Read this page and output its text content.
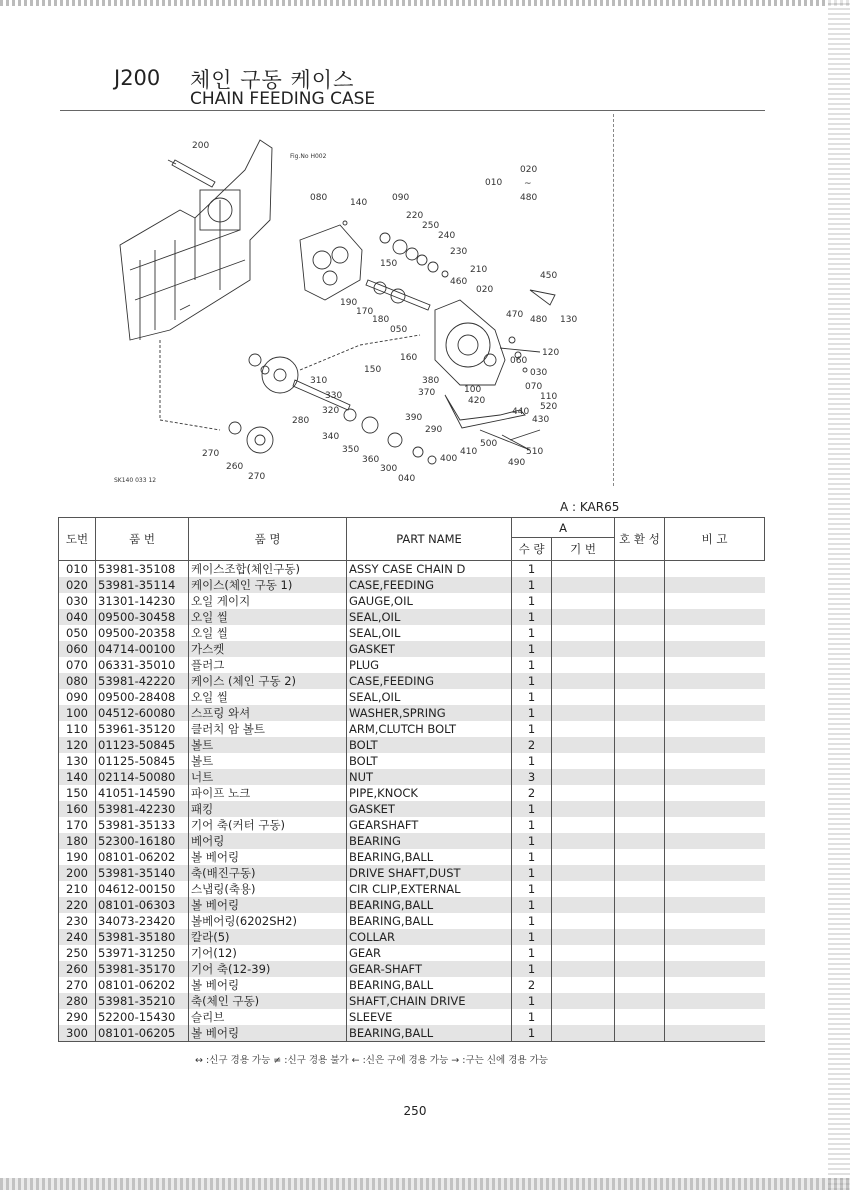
J200 체인 구동 케이스
CHAIN FEEDING CASE
200
Fig.No H002
010
020
~
480
080	140	090
220
250
240
230
210
150
460
020
450
190
170
180
050
470 480 130
120
160	060
030
150
380
370	100	070
110
420
520
440
430
390
290
310
330
320
280
340
350
360
300
040
400
410
500
510
490
270
260
270
SK140 033 12
A : KAR65
도번	품 번	품 명	PART NAME	A		호 환 성	비 고
				수 량	기 번		
010	53981-35108	케이스조합(체인구동)	ASSY CASE CHAIN D	1			
020	53981-35114	케이스(체인 구동 1)	CASE,FEEDING	1			
030	31301-14230	오일 게이지	GAUGE,OIL	1			
040	09500-30458	오일 씰	SEAL,OIL	1			
050	09500-20358	오일 씰	SEAL,OIL	1			
060	04714-00100	가스켓	GASKET	1			
070	06331-35010	플러그	PLUG	1			
080	53981-42220	케이스 (체인 구동 2)	CASE,FEEDING	1			
090	09500-28408	오일 씰	SEAL,OIL	1			
100	04512-60080	스프링 와셔	WASHER,SPRING	1			
110	53961-35120	클러치 암 볼트	ARM,CLUTCH BOLT	1			
120	01123-50845	볼트	BOLT	2			
130	01125-50845	볼트	BOLT	1			
140	02114-50080	너트	NUT	3			
150	41051-14590	파이프 노크	PIPE,KNOCK	2			
160	53981-42230	패킹	GASKET	1			
170	53981-35133	기어 축(커터 구동)	GEARSHAFT	1			
180	52300-16180	베어링	BEARING	1			
190	08101-06202	볼 베어링	BEARING,BALL	1			
200	53981-35140	축(배진구동)	DRIVE SHAFT,DUST	1			
210	04612-00150	스냅링(축용)	CIR CLIP,EXTERNAL	1			
220	08101-06303	볼 베어링	BEARING,BALL	1			
230	34073-23420	볼베어링(6202SH2)	BEARING,BALL	1			
240	53981-35180	칼라(5)	COLLAR	1			
250	53971-31250	기어(12)	GEAR	1			
260	53981-35170	기어 축(12-39)	GEAR-SHAFT	1			
270	08101-06202	볼 베어링	BEARING,BALL	2			
280	53981-35210	축(체인 구동)	SHAFT,CHAIN DRIVE	1			
290	52200-15430	슬리브	SLEEVE	1			
300	08101-06205	볼 베어링	BEARING,BALL	1			
↔ :신구 경용 가능 ≠ :신구 경용 불가 ← :신은 구에 경용 가능 → :구는 신에 경용 가능
250
